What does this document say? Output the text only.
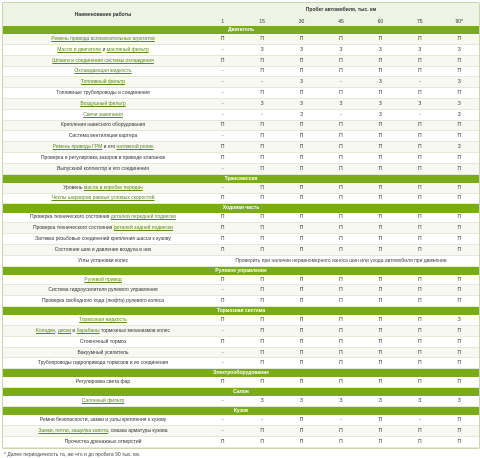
Наименование работы	Пробег автомобиля, тыс. км						
	1	15	30	45	60	75	90*
Двигатель							
Ремень привода вспомогательных агрегатов	П	П	П	П	П	П	П
Масло в двигателе и масляный фильтр	-	З	З	З	З	З	З
Шланги и соединения системы охлаждения	П	П	П	П	П	П	П
Охлаждающая жидкость	-	П	П	П	П	П	П
Топливный фильтр	-	-	З	-	З	-	З
Топливные трубопроводы и соединения	-	П	П	П	П	П	П
Воздушный фильтр	-	З	З	З	З	З	З
Свечи зажигания	-	-	З	-	З	-	З
Крепления навесного оборудования	П	П	П	П	П	П	П
Система вентиляции картера	-	П	П	П	П	П	П
Ремень привода ГРМ и его натяжной ролик	П	П	П	П	П	П	З
Проверка и регулировка зазоров в приводе клапанов	П	П	П	П	П	П	П
Выпускной коллектор и его соединения	-	П	П	П	П	П	П
Трансмиссия							
Уровень масла в коробке передач	-	П	П	П	П	П	П
Чехлы шарниров равных угловых скоростей	П	П	П	П	П	П	П
Ходовая часть							
Проверка технического состояния деталей передней подвески	П	П	П	П	П	П	П
Проверка технического состояния деталей задней подвески	П	П	П	П	П	П	П
Затяжка резьбовых соединений крепления шасси к кузову	П	П	П	П	П	П	П
Состояние шин и давление воздуха в них	П	П	П	П	П	П	П
Углы установки колес	Проверить при наличии неравномерного износа шин или ухода автомобиля при движении						
Рулевое управление							
Рулевой привод	П	П	П	П	П	П	П
Система гидроусилителя рулевого управления	-	П	П	П	П	П	П
Проверка свободного хода (люфта) рулевого колеса	П	П	П	П	П	П	П
Тормозная система							
Тормозная жидкость	П	П	П	П	П	П	З
Колодки, диски и барабаны тормозных механизмов колес	-	П	П	П	П	П	П
Стояночный тормоз	П	П	П	П	П	П	П
Вакуумный усилитель	-	П	П	П	П	П	П
Трубопроводы гидропривода тормозов и их соединения	-	П	П	П	П	П	П
Электрооборудование							
Регулировка света фар	П	П	П	П	П	П	П
Салон							
Салонный фильтр	-	З	З	З	З	З	З
Кузов							
Ремни безопасности, замки и узлы крепления к кузову	-	-	П	-	П	-	П
Замки, петли, защелка капота, смазка арматуры кузова	-	П	П	П	П	П	П
Прочистка дренажных отверстий	П	П	П	П	П	П	П
* Далее периодичность та, же что и до пробега 90 тыс. км.
